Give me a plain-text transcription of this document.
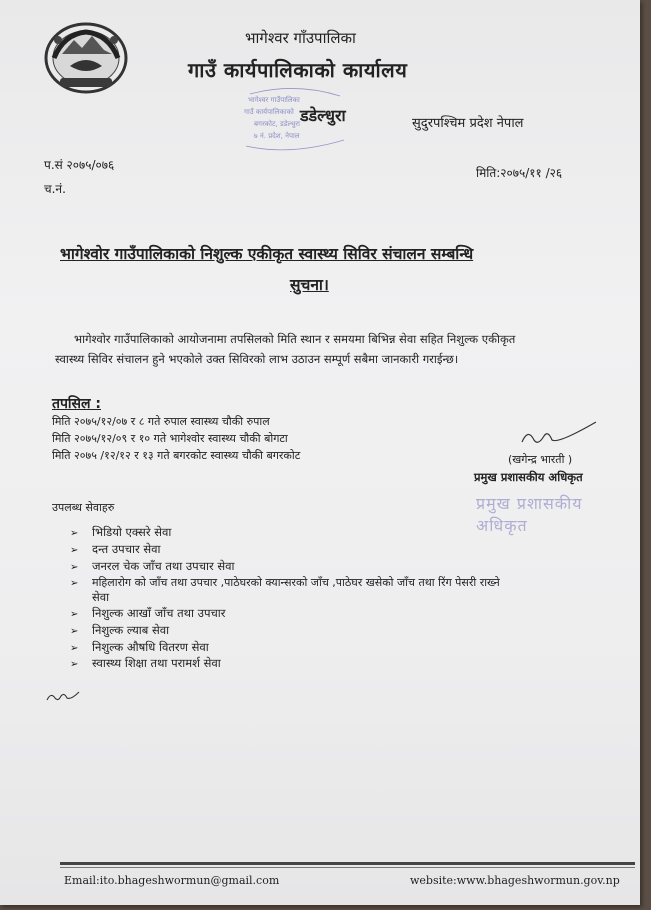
भागेश्वर गाँउपालिका
गाउँ कार्यपालिकाको कार्यालय
भागेश्वर गाउँपालिका
गाउँ कार्यपालिकाको
बगरकोट, डडेल्धुरा
७ नं. प्रदेश, नेपाल
डडेल्धुरा	सुदुरपश्चिम प्रदेश नेपाल
प.सं २०७५/०७६
च.नं.
मिति:२०७५/११ /२६
भागेश्वोर गाउँपालिकाको निशुल्क एकीकृत स्वास्थ्य सिविर संचालन सम्बन्धि
सुचना।
भागेश्वोर गाउँपालिकाको आयोजनामा तपसिलको मिति स्थान र समयमा बिभिन्न सेवा सहित निशुल्क एकीकृत
स्वास्थ्य सिविर संचालन हुने भएकोले उक्त सिविरको लाभ उठाउन सम्पूर्ण सबैमा जानकारी गराईन्छ।
तपसिल :
मिति २०७५/१२/०७ र ८ गते रुपाल स्वास्थ्य चौकी रुपाल
मिति २०७५/१२/०९ र १० गते भागेश्वोर स्वास्थ्य चौकी बोगटा
मिति २०७५ /१२/१२ र १३ गते बगरकोट स्वास्थ्य चौकी बगरकोट	(खगेन्द्र भारती )
प्रमुख प्रशासकीय अधिकृत
प्रमुख प्रशासकीय अधिकृत
उपलब्ध सेवाहरु
➢ भिडियो एक्सरे सेवा
➢ दन्त उपचार सेवा
➢ जनरल चेक जाँच तथा उपचार सेवा
➢ महिलारोग को जाँच तथा उपचार ,पाठेघरको क्यान्सरको जाँच ,पाठेघर खसेको जाँच तथा रिंग पेसरी राख्ने
सेवा
➢ निशुल्क आखाँ जाँच तथा उपचार
➢ निशुल्क ल्याब सेवा
➢ निशुल्क औषधि वितरण सेवा
➢ स्वास्थ्य शिक्षा तथा परामर्श सेवा
Email:ito.bhageshwormun@gmail.com	website:www.bhageshwormun.gov.np
